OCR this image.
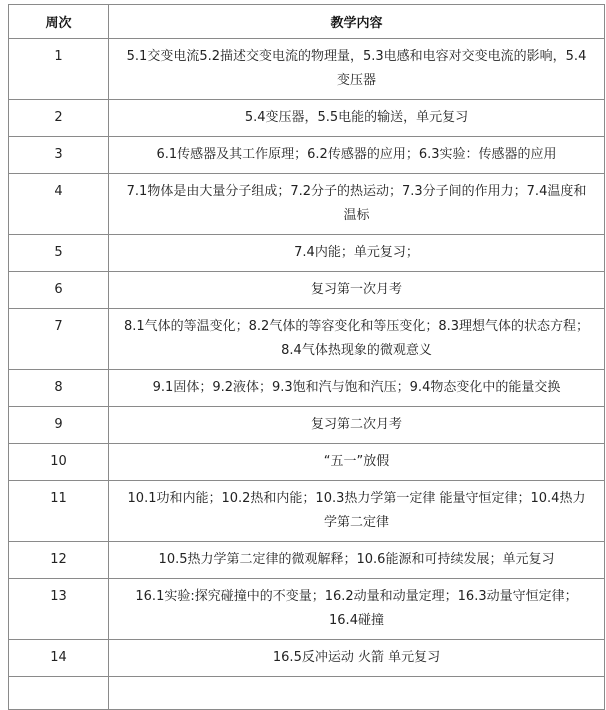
周次	教学内容
1	5.1交变电流5.2描述交变电流的物理量，5.3电感和电容对交变电流的影响，5.4变压器
2	5.4变压器，5.5电能的输送，单元复习
3	6.1传感器及其工作原理；6.2传感器的应用；6.3实验：传感器的应用
4	7.1物体是由大量分子组成；7.2分子的热运动；7.3分子间的作用力；7.4温度和温标
5	7.4内能；单元复习；
6	复习第一次月考
7	8.1气体的等温变化；8.2气体的等容变化和等压变化；8.3理想气体的状态方程；8.4气体热现象的微观意义
8	9.1固体；9.2液体；9.3饱和汽与饱和汽压；9.4物态变化中的能量交换
9	复习第二次月考
10	“五一”放假
11	10.1功和内能；10.2热和内能；10.3热力学第一定律 能量守恒定律；10.4热力学第二定律
12	10.5热力学第二定律的微观解释；10.6能源和可持续发展；单元复习
13	16.1实验:探究碰撞中的不变量；16.2动量和动量定理；16.3动量守恒定律；16.4碰撞
14	16.5反冲运动 火箭 单元复习
